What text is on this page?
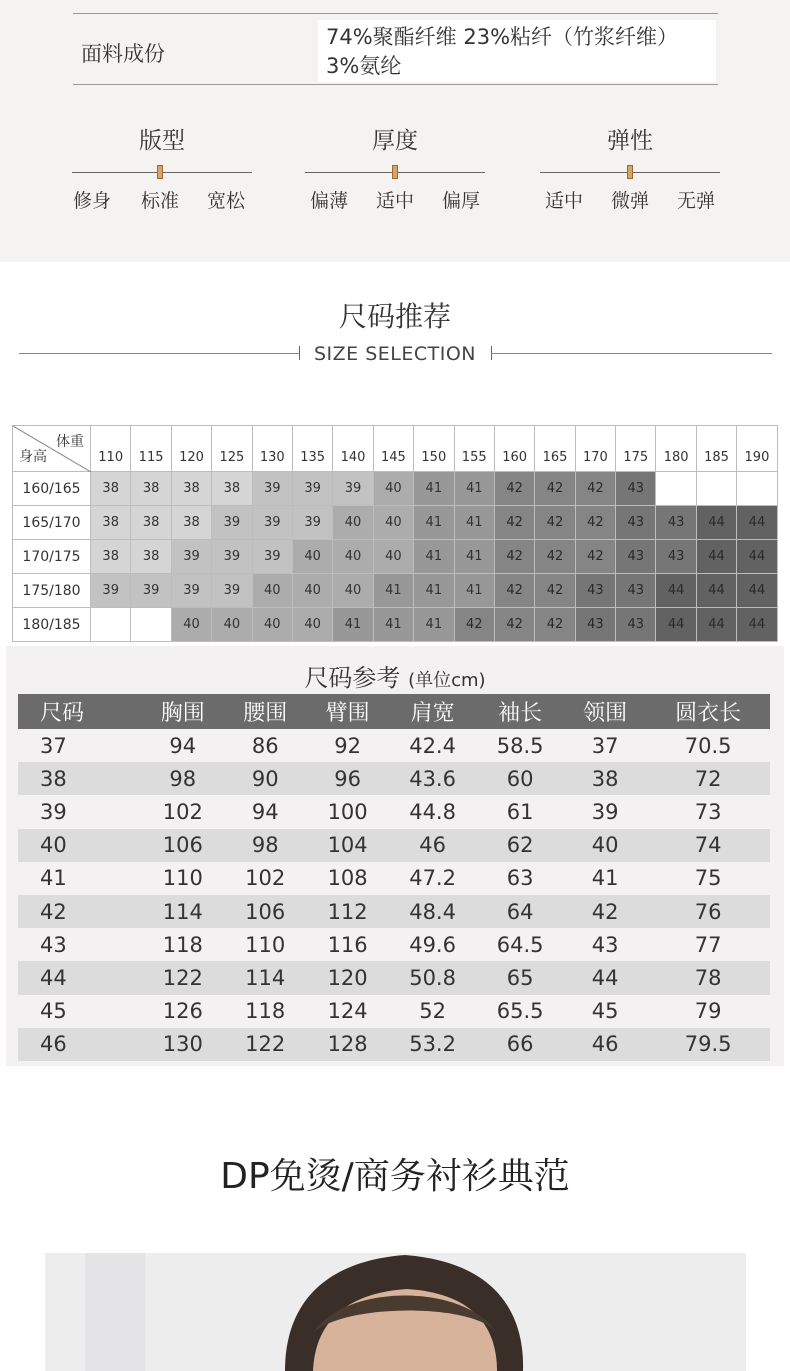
面料成份
74%聚酯纤维 23%粘纤（竹浆纤维）
3%氨纶
版型
修身	标准	宽松
厚度
偏薄	适中	偏厚
弹性
适中	微弹	无弹
尺码推荐
SIZE SELECTION
体重
身高	110	115	120	125	130	135	140	145	150	155	160	165	170	175	180	185	190
160/165	38	38	38	38	39	39	39	40	41	41	42	42	42	43			
165/170	38	38	38	39	39	39	40	40	41	41	42	42	42	43	43	44	44
170/175	38	38	39	39	39	40	40	40	41	41	42	42	42	43	43	44	44
175/180	39	39	39	39	40	40	40	41	41	41	42	42	43	43	44	44	44
180/185			40	40	40	40	41	41	41	42	42	42	43	43	44	44	44
尺码参考 (单位cm)
尺码	胸围	腰围	臂围	肩宽	袖长	领围	圆衣长
37	94	86	92	42.4	58.5	37	70.5
38	98	90	96	43.6	60	38	72
39	102	94	100	44.8	61	39	73
40	106	98	104	46	62	40	74
41	110	102	108	47.2	63	41	75
42	114	106	112	48.4	64	42	76
43	118	110	116	49.6	64.5	43	77
44	122	114	120	50.8	65	44	78
45	126	118	124	52	65.5	45	79
46	130	122	128	53.2	66	46	79.5
DP免烫/商务衬衫典范
